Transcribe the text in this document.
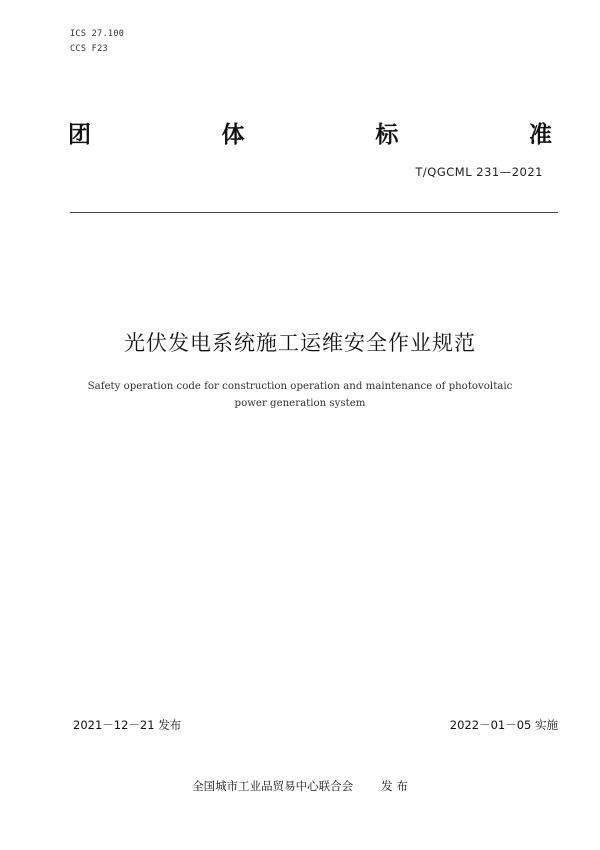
ICS 27.100
CCS F23
团	体	标	准
T/QGCML 231—2021
光伏发电系统施工运维安全作业规范
Safety operation code for construction operation and maintenance of photovoltaic
power generation system
2021－12－21 发布	2022－01－05 实施
全国城市工业品贸易中心联合会 发 布
